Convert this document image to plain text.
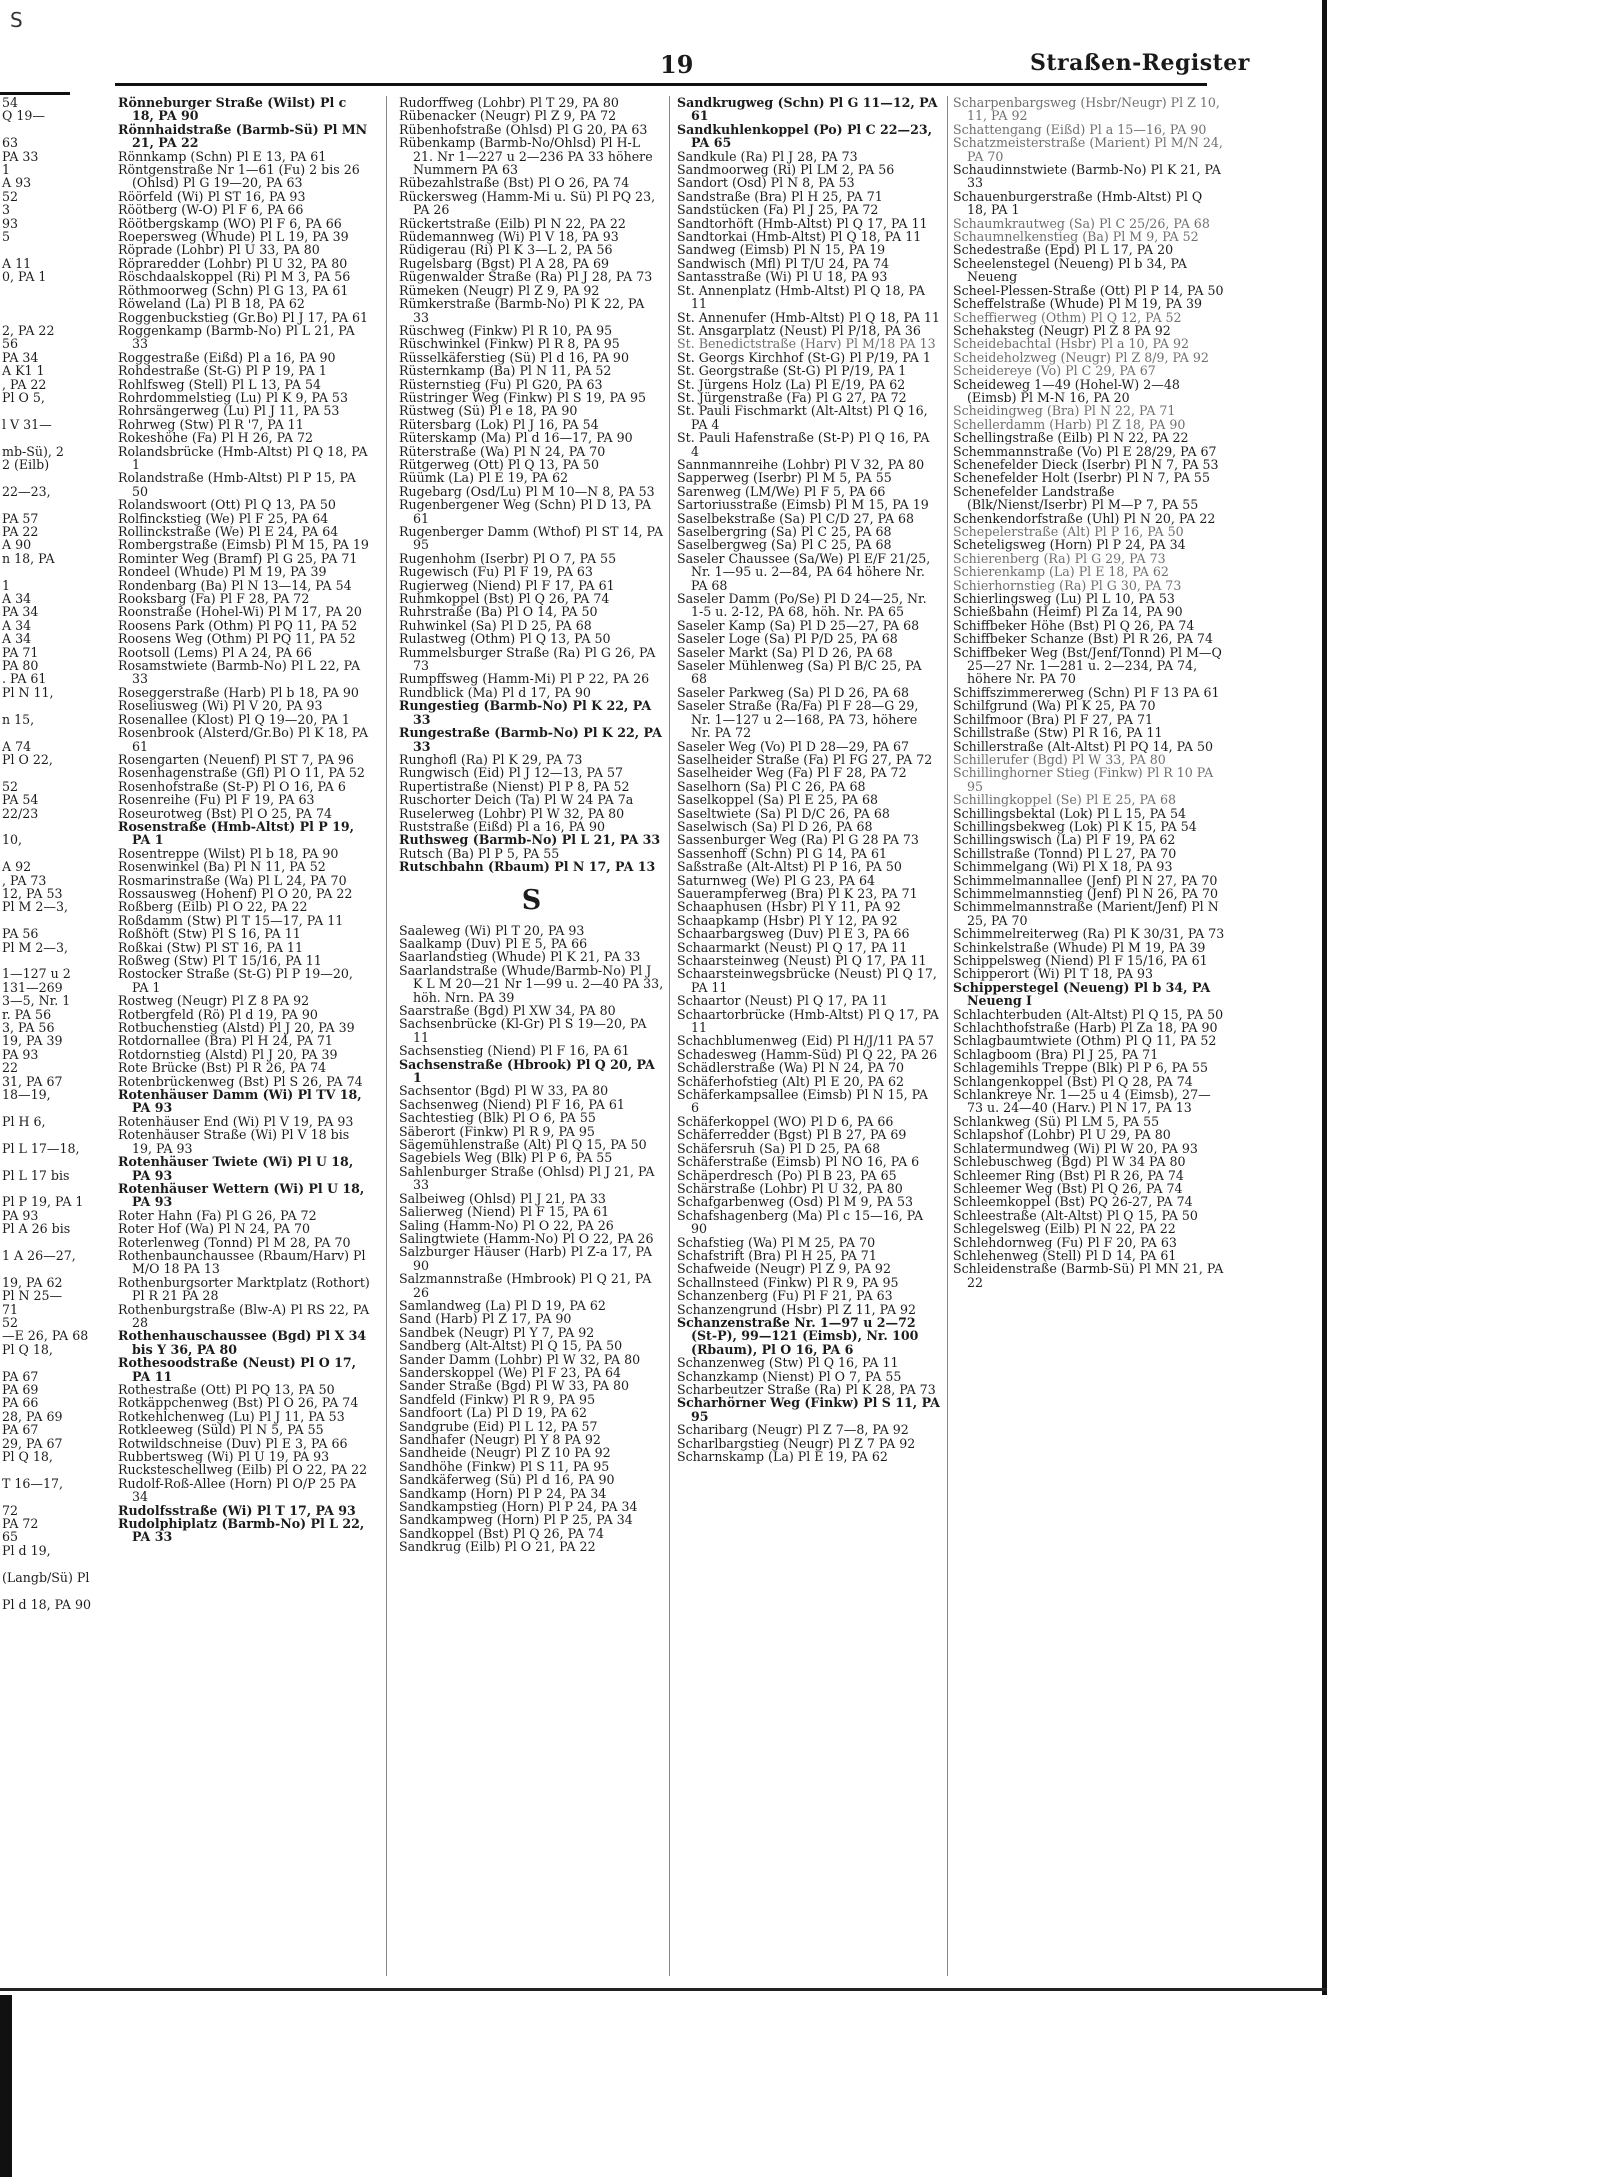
S
19	Straßen-Register
54
Q 19—

63
PA 33
1
A 93
52
3
93
5

A 11
0, PA 1

2, PA 22
56
PA 34
A K1 1
, PA 22
Pl O 5,

l V 31—

mb-Sü), 2
2 (Eilb)

22—23,

PA 57
PA 22
A 90
n 18, PA

1
A 34
PA 34
A 34
A 34
PA 71
PA 80
. PA 61
Pl N 11,

n 15,

A 74
Pl O 22,

52
PA 54
22/23

10,

A 92
, PA 73
12, PA 53
Pl M 2—3,

PA 56
Pl M 2—3,

1—127 u 2
131—269
3—5, Nr. 1
r. PA 56
3, PA 56
19, PA 39
PA 93
22
31, PA 67
18—19,

Pl H 6,

Pl L 17—18,

Pl L 17 bis

Pl P 19, PA 1
PA 93
Pl A 26 bis

1 A 26—27,

19, PA 62
Pl N 25—
71
52
—E 26, PA 68
Pl Q 18,

PA 67
PA 69
PA 66
28, PA 69
PA 67
29, PA 67
Pl Q 18,

T 16—17,

72
PA 72
65
Pl d 19,

(Langb/Sü) Pl

Pl d 18, PA 90
Rönneburger Straße (Wilst) Pl c 18, PA 90
Rönnhaidstraße (Barmb-Sü) Pl MN 21, PA 22
Rönnkamp (Schn) Pl E 13, PA 61
Röntgenstraße Nr 1—61 (Fu) 2 bis 26 (Ohlsd) Pl G 19—20, PA 63
Röörfeld (Wi) Pl ST 16, PA 93
Röötberg (W-O) Pl F 6, PA 66
Röötbergskamp (WO) Pl F 6, PA 66
Roepersweg (Whude) Pl L 19, PA 39
Röprade (Lohbr) Pl U 33, PA 80
Röpraredder (Lohbr) Pl U 32, PA 80
Röschdaalskoppel (Ri) Pl M 3, PA 56
Röthmoorweg (Schn) Pl G 13, PA 61
Röweland (La) Pl B 18, PA 62
Roggenbuckstieg (Gr.Bo) Pl J 17, PA 61
Roggenkamp (Barmb-No) Pl L 21, PA 33
Roggestraße (Eißd) Pl a 16, PA 90
Rohdestraße (St-G) Pl P 19, PA 1
Rohlfsweg (Stell) Pl L 13, PA 54
Rohrdommelstieg (Lu) Pl K 9, PA 53
Rohrsängerweg (Lu) Pl J 11, PA 53
Rohrweg (Stw) Pl R '7, PA 11
Rokeshöhe (Fa) Pl H 26, PA 72
Rolandsbrücke (Hmb-Altst) Pl Q 18, PA 1
Rolandstraße (Hmb-Altst) Pl P 15, PA 50
Rolandswoort (Ott) Pl Q 13, PA 50
Rolfinckstieg (We) Pl F 25, PA 64
Rollinckstraße (We) Pl E 24, PA 64
Rombergstraße (Eimsb) Pl M 15, PA 19
Rominter Weg (Bramf) Pl G 25, PA 71
Rondeel (Whude) Pl M 19, PA 39
Rondenbarg (Ba) Pl N 13—14, PA 54
Rooksbarg (Fa) Pl F 28, PA 72
Roonstraße (Hohel-Wi) Pl M 17, PA 20
Roosens Park (Othm) Pl PQ 11, PA 52
Roosens Weg (Othm) Pl PQ 11, PA 52
Rootsoll (Lems) Pl A 24, PA 66
Rosamstwiete (Barmb-No) Pl L 22, PA 33
Roseggerstraße (Harb) Pl b 18, PA 90
Roseliusweg (Wi) Pl V 20, PA 93
Rosenallee (Klost) Pl Q 19—20, PA 1
Rosenbrook (Alsterd/Gr.Bo) Pl K 18, PA 61
Rosengarten (Neuenf) Pl ST 7, PA 96
Rosenhagenstraße (Gfl) Pl O 11, PA 52
Rosenhofstraße (St-P) Pl O 16, PA 6
Rosenreihe (Fu) Pl F 19, PA 63
Roseurotweg (Bst) Pl O 25, PA 74
Rosenstraße (Hmb-Altst) Pl P 19, PA 1
Rosentreppe (Wilst) Pl b 18, PA 90
Rosenwinkel (Ba) Pl N 11, PA 52
Rosmarinstraße (Wa) Pl L 24, PA 70
Rossausweg (Hohenf) Pl O 20, PA 22
Roßberg (Eilb) Pl O 22, PA 22
Roßdamm (Stw) Pl T 15—17, PA 11
Roßhöft (Stw) Pl S 16, PA 11
Roßkai (Stw) Pl ST 16, PA 11
Roßweg (Stw) Pl T 15/16, PA 11
Rostocker Straße (St-G) Pl P 19—20, PA 1
Rostweg (Neugr) Pl Z 8 PA 92
Rotbergfeld (Rö) Pl d 19, PA 90
Rotbuchenstieg (Alstd) Pl J 20, PA 39
Rotdornallee (Bra) Pl H 24, PA 71
Rotdornstieg (Alstd) Pl J 20, PA 39
Rote Brücke (Bst) Pl R 26, PA 74
Rotenbrückenweg (Bst) Pl S 26, PA 74
Rotenhäuser Damm (Wi) Pl TV 18, PA 93
Rotenhäuser End (Wi) Pl V 19, PA 93
Rotenhäuser Straße (Wi) Pl V 18 bis 19, PA 93
Rotenhäuser Twiete (Wi) Pl U 18, PA 93
Rotenhäuser Wettern (Wi) Pl U 18, PA 93
Roter Hahn (Fa) Pl G 26, PA 72
Roter Hof (Wa) Pl N 24, PA 70
Roterlenweg (Tonnd) Pl M 28, PA 70
Rothenbaunchaussee (Rbaum/Harv) Pl M/O 18 PA 13
Rothenburgsorter Marktplatz (Rothort) Pl R 21 PA 28
Rothenburgstraße (Blw-A) Pl RS 22, PA 28
Rothenhauschaussee (Bgd) Pl X 34 bis Y 36, PA 80
Rothesoodstraße (Neust) Pl O 17, PA 11
Rothestraße (Ott) Pl PQ 13, PA 50
Rotkäppchenweg (Bst) Pl O 26, PA 74
Rotkehlchenweg (Lu) Pl J 11, PA 53
Rotkleeweg (Süld) Pl N 5, PA 55
Rotwildschneise (Duv) Pl E 3, PA 66
Rubbertsweg (Wi) Pl U 19, PA 93
Rucksteschellweg (Eilb) Pl O 22, PA 22
Rudolf-Roß-Allee (Horn) Pl O/P 25 PA 34
Rudolfsstraße (Wi) Pl T 17, PA 93
Rudolphiplatz (Barmb-No) Pl L 22, PA 33
Rudorffweg (Lohbr) Pl T 29, PA 80
Rübenacker (Neugr) Pl Z 9, PA 72
Rübenhofstraße (Ohlsd) Pl G 20, PA 63
Rübenkamp (Barmb-No/Ohlsd) Pl H-L 21. Nr 1—227 u 2—236 PA 33 höhere Nummern PA 63
Rübezahlstraße (Bst) Pl O 26, PA 74
Rückersweg (Hamm-Mi u. Sü) Pl PQ 23, PA 26
Rückertstraße (Eilb) Pl N 22, PA 22
Rüdemannweg (Wi) Pl V 18, PA 93
Rüdigerau (Ri) Pl K 3—L 2, PA 56
Rugelsbarg (Bgst) Pl A 28, PA 69
Rügenwalder Straße (Ra) Pl J 28, PA 73
Rümeken (Neugr) Pl Z 9, PA 92
Rümkerstraße (Barmb-No) Pl K 22, PA 33
Rüschweg (Finkw) Pl R 10, PA 95
Rüschwinkel (Finkw) Pl R 8, PA 95
Rüsselkäferstieg (Sü) Pl d 16, PA 90
Rüsternkamp (Ba) Pl N 11, PA 52
Rüsternstieg (Fu) Pl G20, PA 63
Rüstringer Weg (Finkw) Pl S 19, PA 95
Rüstweg (Sü) Pl e 18, PA 90
Rütersbarg (Lok) Pl J 16, PA 54
Rüterskamp (Ma) Pl d 16—17, PA 90
Rüterstraße (Wa) Pl N 24, PA 70
Rütgerweg (Ott) Pl Q 13, PA 50
Rüümk (La) Pl E 19, PA 62
Rugebarg (Osd/Lu) Pl M 10—N 8, PA 53
Rugenbergener Weg (Schn) Pl D 13, PA 61
Rugenberger Damm (Wthof) Pl ST 14, PA 95
Rugenhohm (Iserbr) Pl O 7, PA 55
Rugewisch (Fu) Pl F 19, PA 63
Rugierweg (Niend) Pl F 17, PA 61
Ruhmkoppel (Bst) Pl Q 26, PA 74
Ruhrstraße (Ba) Pl O 14, PA 50
Ruhwinkel (Sa) Pl D 25, PA 68
Rulastweg (Othm) Pl Q 13, PA 50
Rummelsburger Straße (Ra) Pl G 26, PA 73
Rumpffsweg (Hamm-Mi) Pl P 22, PA 26
Rundblick (Ma) Pl d 17, PA 90
Rungestieg (Barmb-No) Pl K 22, PA 33
Rungestraße (Barmb-No) Pl K 22, PA 33
Runghofl (Ra) Pl K 29, PA 73
Rungwisch (Eid) Pl J 12—13, PA 57
Rupertistraße (Nienst) Pl P 8, PA 52
Ruschorter Deich (Ta) Pl W 24 PA 7a
Ruselerweg (Lohbr) Pl W 32, PA 80
Ruststraße (Eißd) Pl a 16, PA 90
Ruthsweg (Barmb-No) Pl L 21, PA 33
Rutsch (Ba) Pl P 5, PA 55
Rutschbahn (Rbaum) Pl N 17, PA 13
S
Saaleweg (Wi) Pl T 20, PA 93
Saalkamp (Duv) Pl E 5, PA 66
Saarlandstieg (Whude) Pl K 21, PA 33
Saarlandstraße (Whude/Barmb-No) Pl J K L M 20—21 Nr 1—99 u. 2—40 PA 33, höh. Nrn. PA 39
Saarstraße (Bgd) Pl XW 34, PA 80
Sachsenbrücke (Kl-Gr) Pl S 19—20, PA 11
Sachsenstieg (Niend) Pl F 16, PA 61
Sachsenstraße (Hbrook) Pl Q 20, PA 1
Sachsentor (Bgd) Pl W 33, PA 80
Sachsenweg (Niend) Pl F 16, PA 61
Sachtestieg (Blk) Pl O 6, PA 55
Säberort (Finkw) Pl R 9, PA 95
Sägemühlenstraße (Alt) Pl Q 15, PA 50
Sagebiels Weg (Blk) Pl P 6, PA 55
Sahlenburger Straße (Ohlsd) Pl J 21, PA 33
Salbeiweg (Ohlsd) Pl J 21, PA 33
Salierweg (Niend) Pl F 15, PA 61
Saling (Hamm-No) Pl O 22, PA 26
Salingtwiete (Hamm-No) Pl O 22, PA 26
Salzburger Häuser (Harb) Pl Z-a 17, PA 90
Salzmannstraße (Hmbrook) Pl Q 21, PA 26
Samlandweg (La) Pl D 19, PA 62
Sand (Harb) Pl Z 17, PA 90
Sandbek (Neugr) Pl Y 7, PA 92
Sandberg (Alt-Altst) Pl Q 15, PA 50
Sander Damm (Lohbr) Pl W 32, PA 80
Sanderskoppel (We) Pl F 23, PA 64
Sander Straße (Bgd) Pl W 33, PA 80
Sandfeld (Finkw) Pl R 9, PA 95
Sandfoort (La) Pl D 19, PA 62
Sandgrube (Eid) Pl L 12, PA 57
Sandhafer (Neugr) Pl Y 8 PA 92
Sandheide (Neugr) Pl Z 10 PA 92
Sandhöhe (Finkw) Pl S 11, PA 95
Sandkäferweg (Sü) Pl d 16, PA 90
Sandkamp (Horn) Pl P 24, PA 34
Sandkampstieg (Horn) Pl P 24, PA 34
Sandkampweg (Horn) Pl P 25, PA 34
Sandkoppel (Bst) Pl Q 26, PA 74
Sandkrug (Eilb) Pl O 21, PA 22
Sandkrugweg (Schn) Pl G 11—12, PA 61
Sandkuhlenkoppel (Po) Pl C 22—23, PA 65
Sandkule (Ra) Pl J 28, PA 73
Sandmoorweg (Ri) Pl LM 2, PA 56
Sandort (Osd) Pl N 8, PA 53
Sandstraße (Bra) Pl H 25, PA 71
Sandstücken (Fa) Pl J 25, PA 72
Sandtorhöft (Hmb-Altst) Pl Q 17, PA 11
Sandtorkai (Hmb-Altst) Pl Q 18, PA 11
Sandweg (Eimsb) Pl N 15, PA 19
Sandwisch (Mfl) Pl T/U 24, PA 74
Santasstraße (Wi) Pl U 18, PA 93
St. Annenplatz (Hmb-Altst) Pl Q 18, PA 11
St. Annenufer (Hmb-Altst) Pl Q 18, PA 11
St. Ansgarplatz (Neust) Pl P/18, PA 36
St. Benedictstraße (Harv) Pl M/18 PA 13
St. Georgs Kirchhof (St-G) Pl P/19, PA 1
St. Georgstraße (St-G) Pl P/19, PA 1
St. Jürgens Holz (La) Pl E/19, PA 62
St. Jürgenstraße (Fa) Pl G 27, PA 72
St. Pauli Fischmarkt (Alt-Altst) Pl Q 16, PA 4
St. Pauli Hafenstraße (St-P) Pl Q 16, PA 4
Sannmannreihe (Lohbr) Pl V 32, PA 80
Sapperweg (Iserbr) Pl M 5, PA 55
Sarenweg (LM/We) Pl F 5, PA 66
Sartoriusstraße (Eimsb) Pl M 15, PA 19
Saselbekstraße (Sa) Pl C/D 27, PA 68
Saselbergring (Sa) Pl C 25, PA 68
Saselbergweg (Sa) Pl C 25, PA 68
Saseler Chaussee (Sa/We) Pl E/F 21/25, Nr. 1—95 u. 2—84, PA 64 höhere Nr. PA 68
Saseler Damm (Po/Se) Pl D 24—25, Nr. 1-5 u. 2-12, PA 68, höh. Nr. PA 65
Saseler Kamp (Sa) Pl D 25—27, PA 68
Saseler Loge (Sa) Pl P/D 25, PA 68
Saseler Markt (Sa) Pl D 26, PA 68
Saseler Mühlenweg (Sa) Pl B/C 25, PA 68
Saseler Parkweg (Sa) Pl D 26, PA 68
Saseler Straße (Ra/Fa) Pl F 28—G 29, Nr. 1—127 u 2—168, PA 73, höhere Nr. PA 72
Saseler Weg (Vo) Pl D 28—29, PA 67
Saselheider Straße (Fa) Pl FG 27, PA 72
Saselheider Weg (Fa) Pl F 28, PA 72
Saselhorn (Sa) Pl C 26, PA 68
Saselkoppel (Sa) Pl E 25, PA 68
Saseltwiete (Sa) Pl D/C 26, PA 68
Saselwisch (Sa) Pl D 26, PA 68
Sassenburger Weg (Ra) Pl G 28 PA 73
Sassenhoff (Schn) Pl G 14, PA 61
Saßstraße (Alt-Altst) Pl P 16, PA 50
Saturnweg (We) Pl G 23, PA 64
Sauerampferweg (Bra) Pl K 23, PA 71
Schaaphusen (Hsbr) Pl Y 11, PA 92
Schaapkamp (Hsbr) Pl Y 12, PA 92
Schaarbargsweg (Duv) Pl E 3, PA 66
Schaarmarkt (Neust) Pl Q 17, PA 11
Schaarsteinweg (Neust) Pl Q 17, PA 11
Schaarsteinwegsbrücke (Neust) Pl Q 17, PA 11
Schaartor (Neust) Pl Q 17, PA 11
Schaartorbrücke (Hmb-Altst) Pl Q 17, PA 11
Schachblumenweg (Eid) Pl H/J/11 PA 57
Schadesweg (Hamm-Süd) Pl Q 22, PA 26
Schädlerstraße (Wa) Pl N 24, PA 70
Schäferhofstieg (Alt) Pl E 20, PA 62
Schäferkampsallee (Eimsb) Pl N 15, PA 6
Schäferkoppel (WO) Pl D 6, PA 66
Schäferredder (Bgst) Pl B 27, PA 69
Schäfersruh (Sa) Pl D 25, PA 68
Schäferstraße (Eimsb) Pl NO 16, PA 6
Schäperdresch (Po) Pl B 23, PA 65
Schärstraße (Lohbr) Pl U 32, PA 80
Schafgarbenweg (Osd) Pl M 9, PA 53
Schafshagenberg (Ma) Pl c 15—16, PA 90
Schafstieg (Wa) Pl M 25, PA 70
Schafstrift (Bra) Pl H 25, PA 71
Schafweide (Neugr) Pl Z 9, PA 92
Schallnsteed (Finkw) Pl R 9, PA 95
Schanzenberg (Fu) Pl F 21, PA 63
Schanzengrund (Hsbr) Pl Z 11, PA 92
Schanzenstraße Nr. 1—97 u 2—72 (St-P), 99—121 (Eimsb), Nr. 100 (Rbaum), Pl O 16, PA 6
Schanzenweg (Stw) Pl Q 16, PA 11
Schanzkamp (Nienst) Pl O 7, PA 55
Scharbeutzer Straße (Ra) Pl K 28, PA 73
Scharhörner Weg (Finkw) Pl S 11, PA 95
Scharibarg (Neugr) Pl Z 7—8, PA 92
Scharlbargstieg (Neugr) Pl Z 7 PA 92
Scharnskamp (La) Pl E 19, PA 62
Scharpenbargsweg (Hsbr/Neugr) Pl Z 10, 11, PA 92
Schattengang (Eißd) Pl a 15—16, PA 90
Schatzmeisterstraße (Marient) Pl M/N 24, PA 70
Schaudinnstwiete (Barmb-No) Pl K 21, PA 33
Schauenburgerstraße (Hmb-Altst) Pl Q 18, PA 1
Schaumkrautweg (Sa) Pl C 25/26, PA 68
Schaumnelkenstieg (Ba) Pl M 9, PA 52
Schedestraße (Epd) Pl L 17, PA 20
Scheelenstegel (Neueng) Pl b 34, PA Neueng
Scheel-Plessen-Straße (Ott) Pl P 14, PA 50
Scheffelstraße (Whude) Pl M 19, PA 39
Scheffierweg (Othm) Pl Q 12, PA 52
Schehaksteg (Neugr) Pl Z 8 PA 92
Scheidebachtal (Hsbr) Pl a 10, PA 92
Scheideholzweg (Neugr) Pl Z 8/9, PA 92
Scheidereye (Vo) Pl C 29, PA 67
Scheideweg 1—49 (Hohel-W) 2—48 (Eimsb) Pl M-N 16, PA 20
Scheidingweg (Bra) Pl N 22, PA 71
Schellerdamm (Harb) Pl Z 18, PA 90
Schellingstraße (Eilb) Pl N 22, PA 22
Schemmannstraße (Vo) Pl E 28/29, PA 67
Schenefelder Dieck (Iserbr) Pl N 7, PA 53
Schenefelder Holt (Iserbr) Pl N 7, PA 55
Schenefelder Landstraße (Blk/Nienst/Iserbr) Pl M—P 7, PA 55
Schenkendorfstraße (Uhl) Pl N 20, PA 22
Schepelerstraße (Alt) Pl P 16, PA 50
Scheteligsweg (Horn) Pl P 24, PA 34
Schierenberg (Ra) Pl G 29, PA 73
Schierenkamp (La) Pl E 18, PA 62
Schierhornstieg (Ra) Pl G 30, PA 73
Schierlingsweg (Lu) Pl L 10, PA 53
Schießbahn (Heimf) Pl Za 14, PA 90
Schiffbeker Höhe (Bst) Pl Q 26, PA 74
Schiffbeker Schanze (Bst) Pl R 26, PA 74
Schiffbeker Weg (Bst/Jenf/Tonnd) Pl M—Q 25—27 Nr. 1—281 u. 2—234, PA 74, höhere Nr. PA 70
Schiffszimmererweg (Schn) Pl F 13 PA 61
Schilfgrund (Wa) Pl K 25, PA 70
Schilfmoor (Bra) Pl F 27, PA 71
Schillstraße (Stw) Pl R 16, PA 11
Schillerstraße (Alt-Altst) Pl PQ 14, PA 50
Schillerufer (Bgd) Pl W 33, PA 80
Schillinghorner Stieg (Finkw) Pl R 10 PA 95
Schillingkoppel (Se) Pl E 25, PA 68
Schillingsbektal (Lok) Pl L 15, PA 54
Schillingsbekweg (Lok) Pl K 15, PA 54
Schillingswisch (La) Pl F 19, PA 62
Schillstraße (Tonnd) Pl L 27, PA 70
Schimmelgang (Wi) Pl X 18, PA 93
Schimmelmannallee (Jenf) Pl N 27, PA 70
Schimmelmannstieg (Jenf) Pl N 26, PA 70
Schimmelmannstraße (Marient/Jenf) Pl N 25, PA 70
Schimmelreiterweg (Ra) Pl K 30/31, PA 73
Schinkelstraße (Whude) Pl M 19, PA 39
Schippelsweg (Niend) Pl F 15/16, PA 61
Schipperort (Wi) Pl T 18, PA 93
Schipperstegel (Neueng) Pl b 34, PA Neueng I
Schlachterbuden (Alt-Altst) Pl Q 15, PA 50
Schlachthofstraße (Harb) Pl Za 18, PA 90
Schlagbaumtwiete (Othm) Pl Q 11, PA 52
Schlagboom (Bra) Pl J 25, PA 71
Schlagemihls Treppe (Blk) Pl P 6, PA 55
Schlangenkoppel (Bst) Pl Q 28, PA 74
Schlankreye Nr. 1—25 u 4 (Eimsb), 27—73 u. 24—40 (Harv.) Pl N 17, PA 13
Schlankweg (Sü) Pl LM 5, PA 55
Schlapshof (Lohbr) Pl U 29, PA 80
Schlatermundweg (Wi) Pl W 20, PA 93
Schlebuschweg (Bgd) Pl W 34 PA 80
Schleemer Ring (Bst) Pl R 26, PA 74
Schleemer Weg (Bst) Pl Q 26, PA 74
Schleemkoppel (Bst) PQ 26-27, PA 74
Schleestraße (Alt-Altst) Pl Q 15, PA 50
Schlegelsweg (Eilb) Pl N 22, PA 22
Schlehdornweg (Fu) Pl F 20, PA 63
Schlehenweg (Stell) Pl D 14, PA 61
Schleidenstraße (Barmb-Sü) Pl MN 21, PA 22
